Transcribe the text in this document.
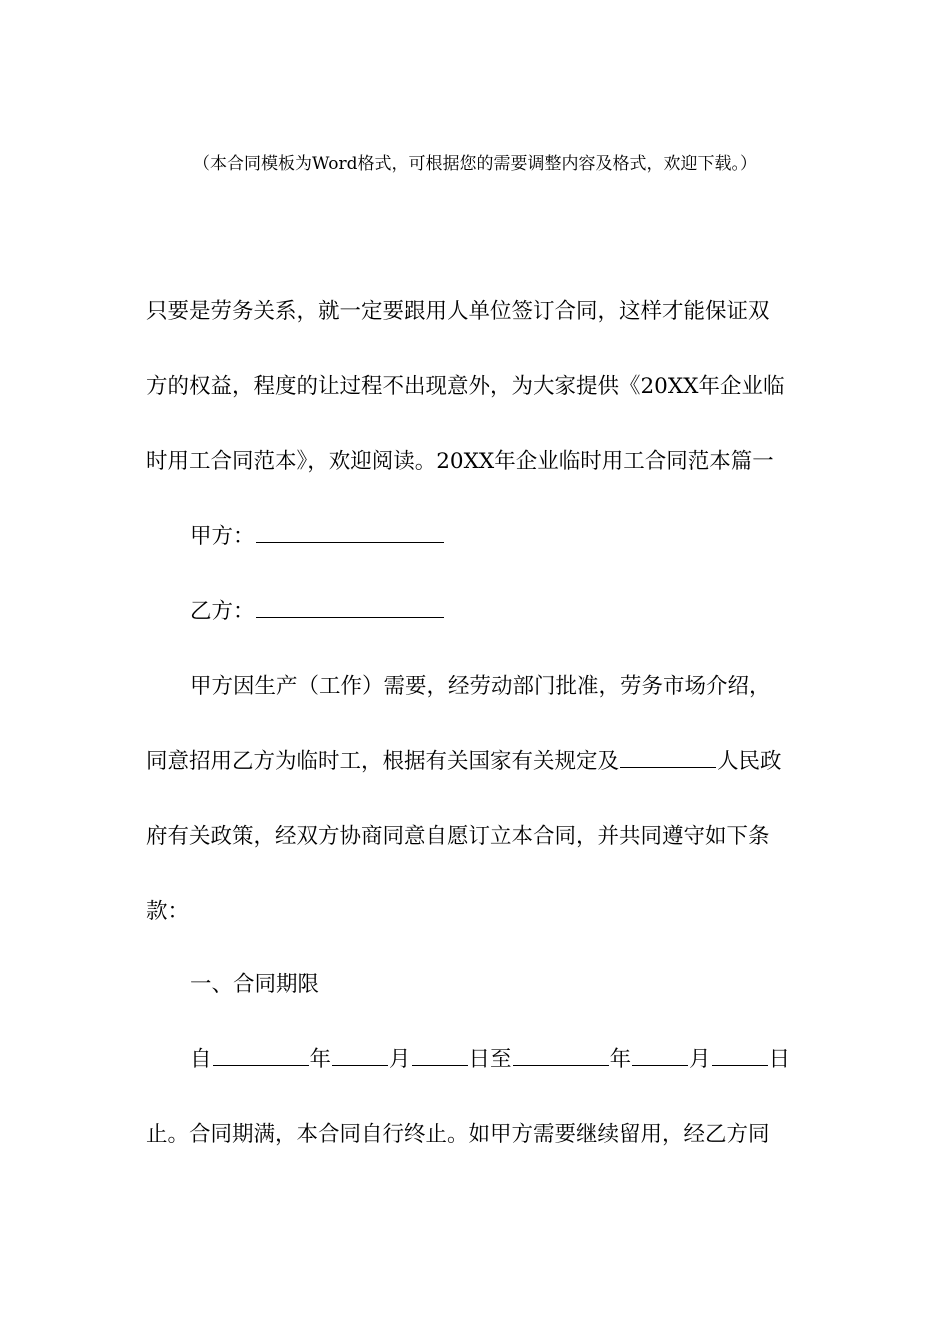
（本合同模板为Word格式，可根据您的需要调整内容及格式，欢迎下载。）
只要是劳务关系，就一定要跟用人单位签订合同，这样才能保证双
方的权益，程度的让过程不出现意外，为大家提供《20XX年企业临
时用工合同范本》，欢迎阅读。20XX年企业临时用工合同范本篇一
甲方：
乙方：
甲方因生产（工作）需要，经劳动部门批准，劳务市场介绍，
同意招用乙方为临时工，根据有关国家有关规定及	人民政
府有关政策，经双方协商同意自愿订立本合同，并共同遵守如下条
款：
一、合同期限
自	年	月	日至	年	月	日
止。合同期满，本合同自行终止。如甲方需要继续留用，经乙方同
